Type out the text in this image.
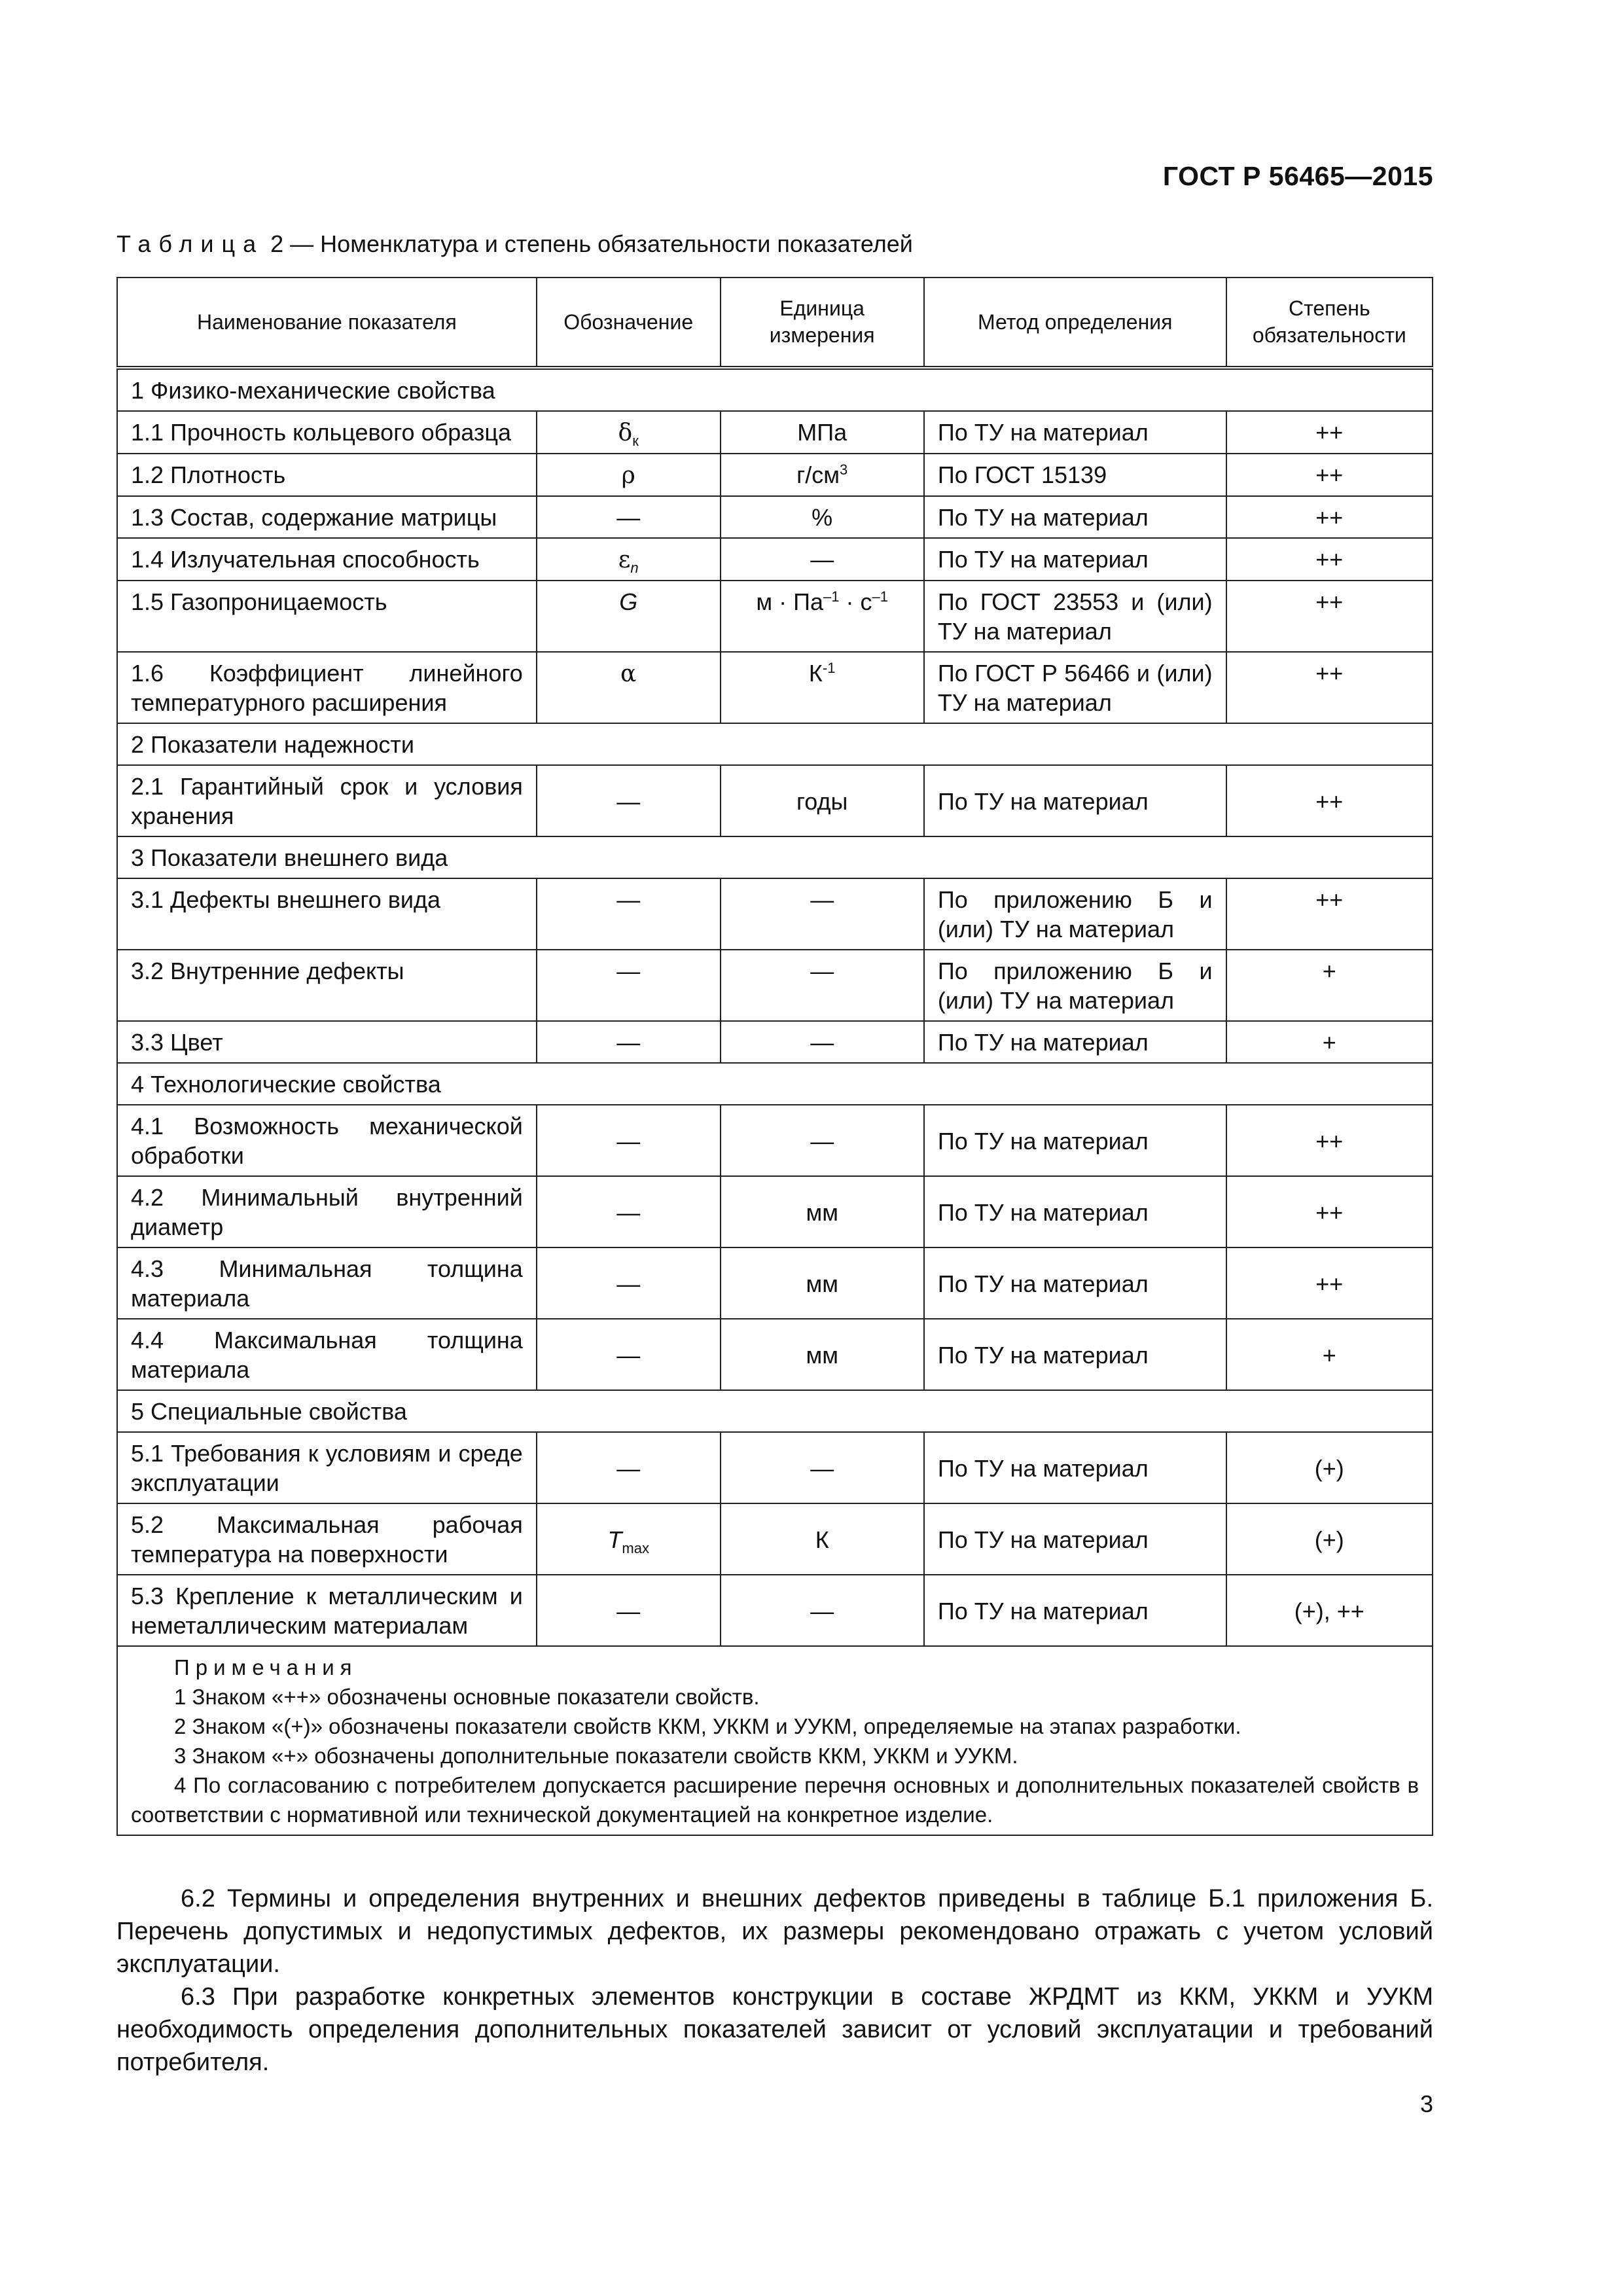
ГОСТ Р 56465—2015
Таблица 2 — Номенклатура и степень обязательности показателей
Наименование показателя	Обозначение	Единица измерения	Метод определения	Степень обязательности
1 Физико-механические свойства				
1.1 Прочность кольцевого образца	$\delta_к$	МПа	По ТУ на материал	++
1.2 Плотность	ρ	$г/см^3$	По ГОСТ 15139	++
1.3 Состав, содержание матрицы	—	%	По ТУ на материал	++
1.4 Излучательная способность	$\varepsilon_n$	—	По ТУ на материал	++
1.5 Газопроницаемость	G	$м \cdot Па^{-1} \cdot с^{-1}$	По ГОСТ 23553 и (или) ТУ на материал	++
1.6 Коэффициент линейного температурного расширения	α	$К^{-1}$	По ГОСТ Р 56466 и (или) ТУ на материал	++
2 Показатели надежности				
2.1 Гарантийный срок и условия хранения	—	годы	По ТУ на материал	++
3 Показатели внешнего вида				
3.1 Дефекты внешнего вида	—	—	По приложению Б и (или) ТУ на материал	++
3.2 Внутренние дефекты	—	—	По приложению Б и (или) ТУ на материал	+
3.3 Цвет	—	—	По ТУ на материал	+
4 Технологические свойства				
4.1 Возможность механической обработки	—	—	По ТУ на материал	++
4.2 Минимальный внутренний диаметр	—	мм	По ТУ на материал	++
4.3 Минимальная толщина материала	—	мм	По ТУ на материал	++
4.4 Максимальная толщина материала	—	мм	По ТУ на материал	+
5 Специальные свойства				
5.1 Требования к условиям и среде эксплуатации	—	—	По ТУ на материал	(+)
5.2 Максимальная рабочая температура на поверхности	$T_{max}$	К	По ТУ на материал	(+)
5.3 Крепление к металлическим и неметаллическим материалам	—	—	По ТУ на материал	(+), ++

Примечания
1 Знаком «++» обозначены основные показатели свойств.
2 Знаком «(+)» обозначены показатели свойств ККМ, УККМ и УУКМ, определяемые на этапах разработки.
3 Знаком «+» обозначены дополнительные показатели свойств ККМ, УККМ и УУКМ.
4 По согласованию с потребителем допускается расширение перечня основных и дополнительных показателей свойств в соответствии с нормативной или технической документацией на конкретное изделие.				

6.2 Термины и определения внутренних и внешних дефектов приведены в таблице Б.1 приложения Б. Перечень допустимых и недопустимых дефектов, их размеры рекомендовано отражать с учетом условий эксплуатации.

6.3 При разработке конкретных элементов конструкции в составе ЖРДМТ из ККМ, УККМ и УУКМ необходимость определения дополнительных показателей зависит от условий эксплуатации и требований потребителя.

3
